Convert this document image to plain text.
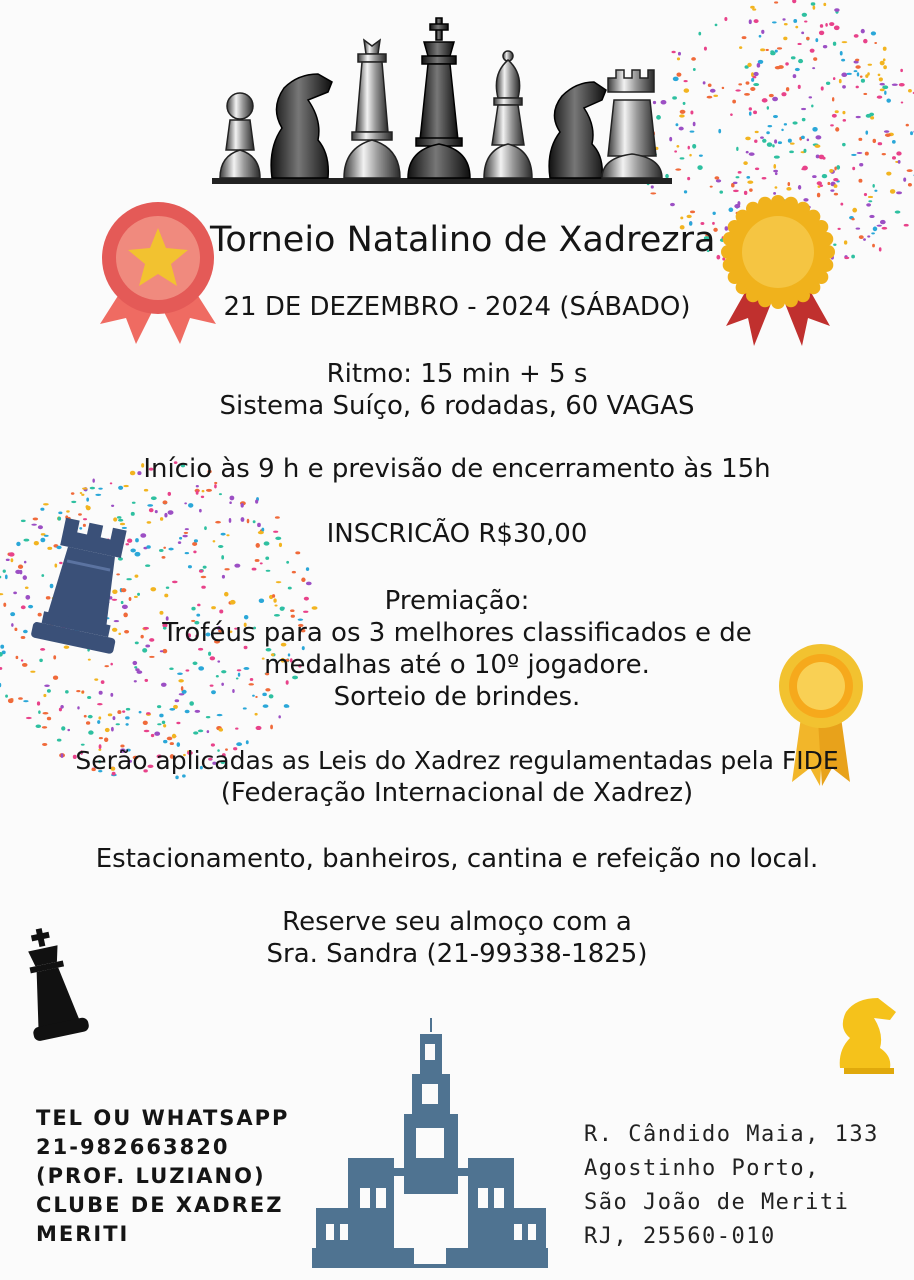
Torneio Natalino de Xadrezra
21 DE DEZEMBRO - 2024 (SÁBADO)
Ritmo: 15 min + 5 s
Sistema Suíço, 6 rodadas, 60 VAGAS
Início às 9 h e previsão de encerramento às 15h
INSCRICÃO R$30,00
Premiação:
Troféus para os 3 melhores classificados e de
medalhas até o 10º jogadore.
Sorteio de brindes.
Serão aplicadas as Leis do Xadrez regulamentadas pela FIDE
(Federação Internacional de Xadrez)
Estacionamento, banheiros, cantina e refeição no local.
Reserve seu almoço com a
Sra. Sandra (21-99338-1825)
TEL OU WHATSAPP
21-982663820
(PROF. LUZIANO)
CLUBE DE XADREZ
MERITI
R. Cândido Maia, 133
Agostinho Porto,
São João de Meriti
RJ, 25560-010
